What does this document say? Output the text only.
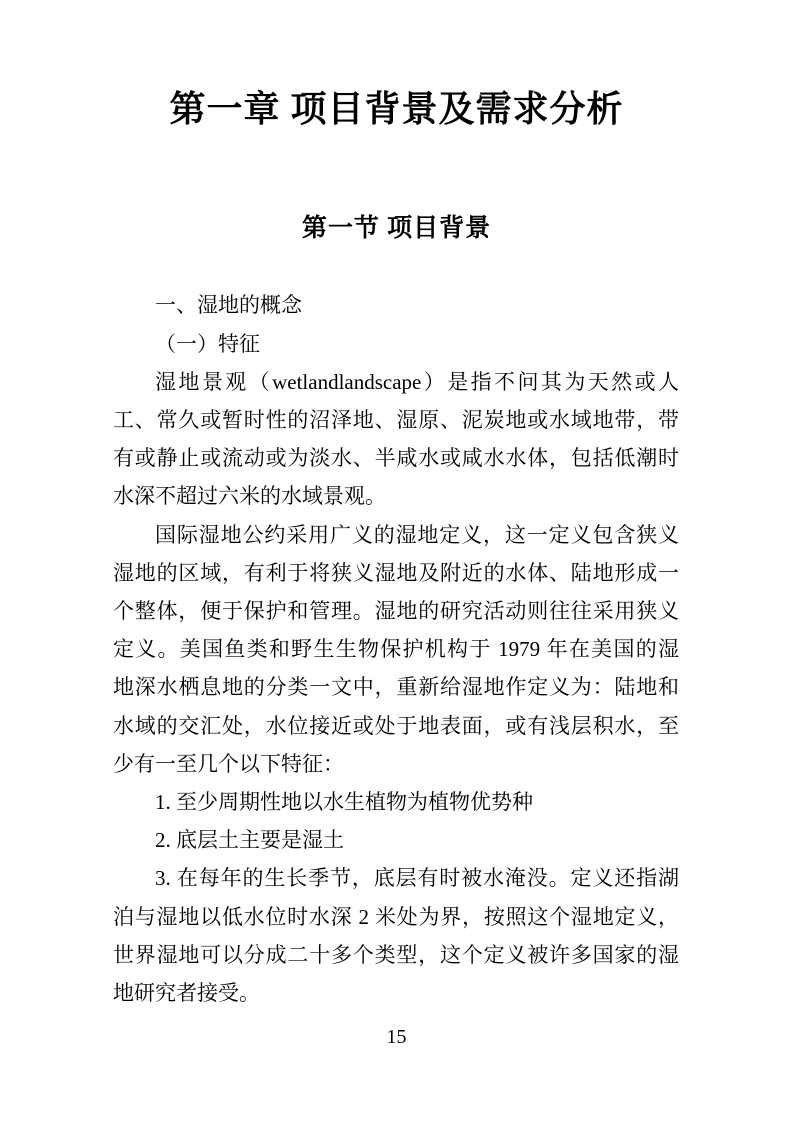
第一章 项目背景及需求分析
第一节 项目背景
一、湿地的概念
（一）特征
湿地景观（wetlandlandscape）是指不问其为天然或人
工、常久或暂时性的沼泽地、湿原、泥炭地或水域地带，带
有或静止或流动或为淡水、半咸水或咸水水体，包括低潮时
水深不超过六米的水域景观。
国际湿地公约采用广义的湿地定义，这一定义包含狭义
湿地的区域，有利于将狭义湿地及附近的水体、陆地形成一
个整体，便于保护和管理。湿地的研究活动则往往采用狭义
定义。美国鱼类和野生生物保护机构于 1979 年在美国的湿
地深水栖息地的分类一文中，重新给湿地作定义为：陆地和
水域的交汇处，水位接近或处于地表面，或有浅层积水，至
少有一至几个以下特征：
1. 至少周期性地以水生植物为植物优势种
2. 底层土主要是湿土
3. 在每年的生长季节，底层有时被水淹没。定义还指湖
泊与湿地以低水位时水深 2 米处为界，按照这个湿地定义，
世界湿地可以分成二十多个类型，这个定义被许多国家的湿
地研究者接受。
15
